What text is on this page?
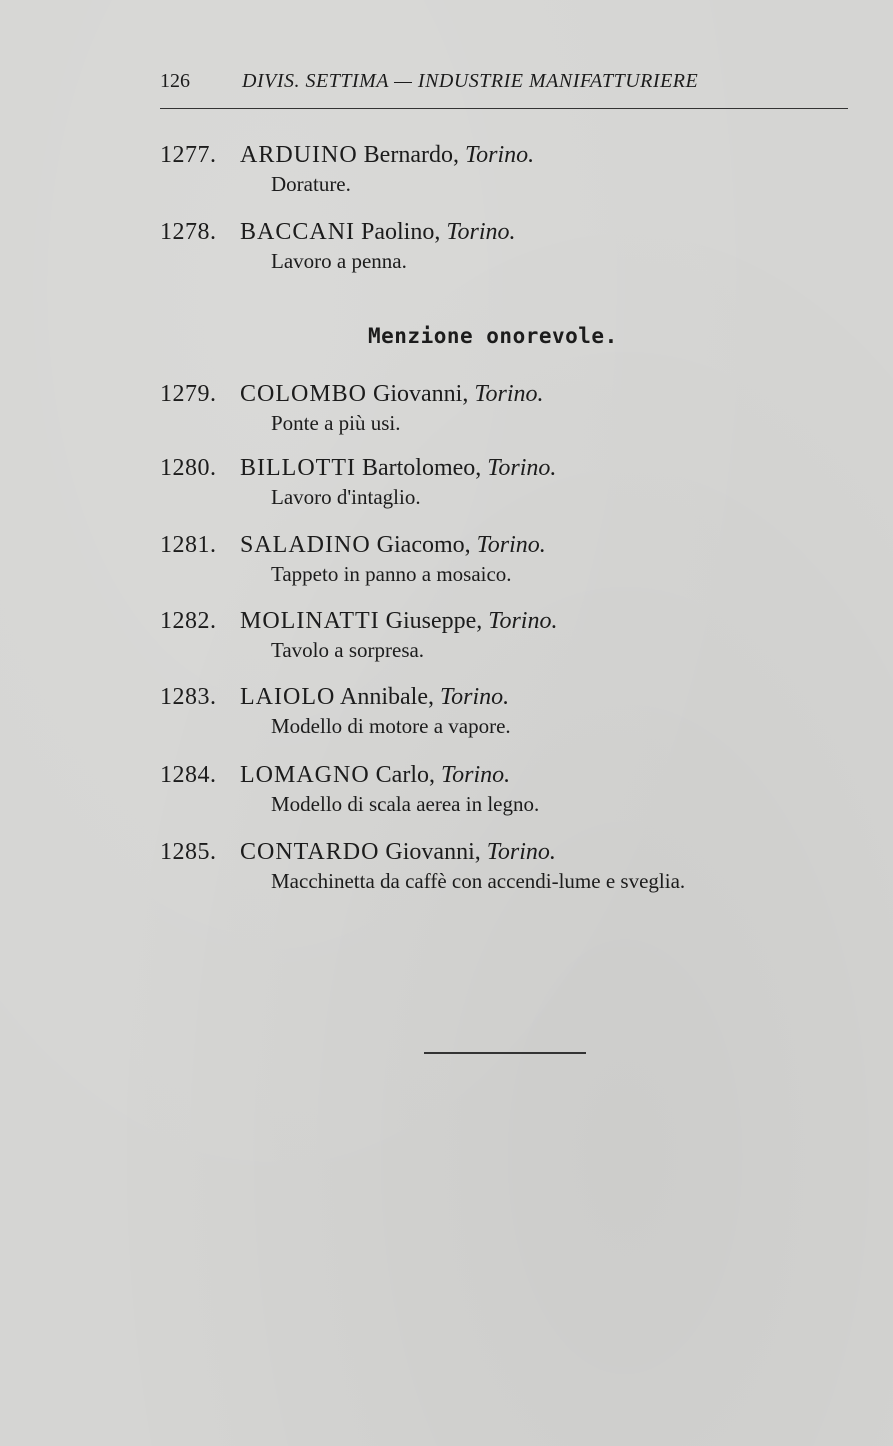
126	DIVIS. SETTIMA — INDUSTRIE MANIFATTURIERE
1277. ARDUINO Bernardo, Torino.
Dorature.
1278. BACCANI Paolino, Torino.
Lavoro a penna.
Menzione onorevole.
1279. COLOMBO Giovanni, Torino.
Ponte a più usi.
1280. BILLOTTI Bartolomeo, Torino.
Lavoro d'intaglio.
1281. SALADINO Giacomo, Torino.
Tappeto in panno a mosaico.
1282. MOLINATTI Giuseppe, Torino.
Tavolo a sorpresa.
1283. LAIOLO Annibale, Torino.
Modello di motore a vapore.
1284. LOMAGNO Carlo, Torino.
Modello di scala aerea in legno.
1285. CONTARDO Giovanni, Torino.
Macchinetta da caffè con accendi-lume e sveglia.
